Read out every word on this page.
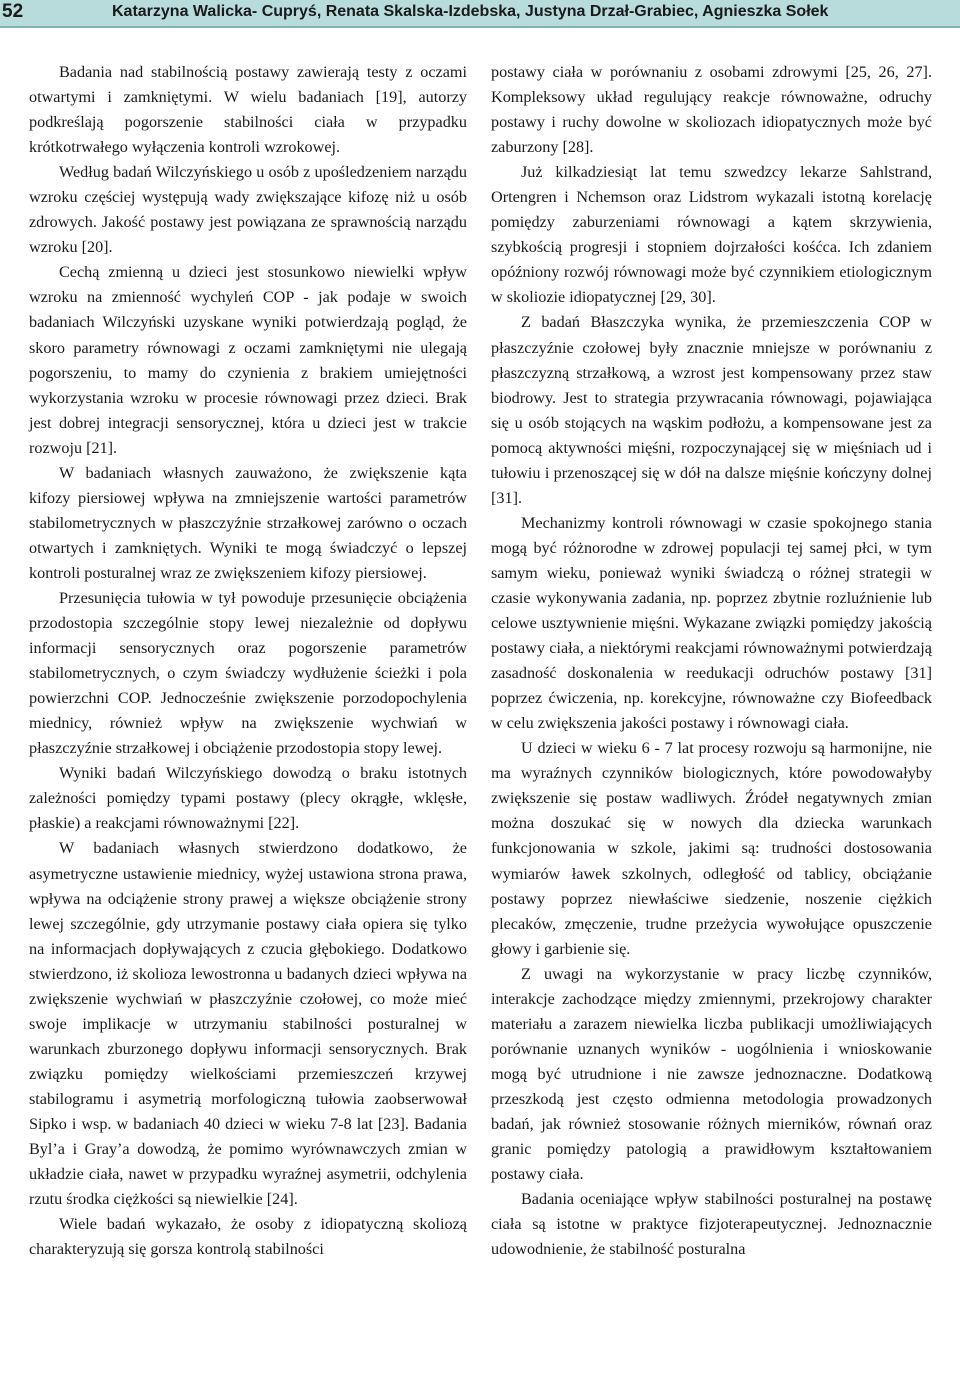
52	Katarzyna Walicka- Cupryś, Renata Skalska-Izdebska, Justyna Drzał-Grabiec, Agnieszka Sołek

Badania nad stabilnością postawy zawierają testy z oczami otwartymi i zamkniętymi. W wielu badaniach [19], autorzy podkreślają pogorszenie stabilności ciała w przypadku krótkotrwałego wyłączenia kontroli wzrokowej.

Według badań Wilczyńskiego u osób z upośledzeniem narządu wzroku częściej występują wady zwiększające kifozę niż u osób zdrowych. Jakość postawy jest powiązana ze sprawnością narządu wzroku [20].

Cechą zmienną u dzieci jest stosunkowo niewielki wpływ wzroku na zmienność wychyleń COP - jak podaje w swoich badaniach Wilczyński uzyskane wyniki potwierdzają pogląd, że skoro parametry równowagi z oczami zamkniętymi nie ulegają pogorszeniu, to mamy do czynienia z brakiem umiejętności wykorzystania wzroku w procesie równowagi przez dzieci. Brak jest dobrej integracji sensorycznej, która u dzieci jest w trakcie rozwoju [21].

W badaniach własnych zauważono, że zwiększenie kąta kifozy piersiowej wpływa na zmniejszenie wartości parametrów stabilometrycznych w płaszczyźnie strzałkowej zarówno o oczach otwartych i zamkniętych. Wyniki te mogą świadczyć o lepszej kontroli posturalnej wraz ze zwiększeniem kifozy piersiowej.

Przesunięcia tułowia w tył powoduje przesunięcie obciążenia przodostopia szczególnie stopy lewej niezależnie od dopływu informacji sensorycznych oraz pogorszenie parametrów stabilometrycznych, o czym świadczy wydłużenie ścieżki i pola powierzchni COP. Jednocześnie zwiększenie porzodopochylenia miednicy, również wpływ na zwiększenie wychwiań w płaszczyźnie strzałkowej i obciążenie przodostopia stopy lewej.

Wyniki badań Wilczyńskiego dowodzą o braku istotnych zależności pomiędzy typami postawy (plecy okrągłe, wklęsłe, płaskie) a reakcjami równoważnymi [22].

W badaniach własnych stwierdzono dodatkowo, że asymetryczne ustawienie miednicy, wyżej ustawiona strona prawa, wpływa na odciążenie strony prawej a większe obciążenie strony lewej szczególnie, gdy utrzymanie postawy ciała opiera się tylko na informacjach dopływających z czucia głębokiego. Dodatkowo stwierdzono, iż skolioza lewostronna u badanych dzieci wpływa na zwiększenie wychwiań w płaszczyźnie czołowej, co może mieć swoje implikacje w utrzymaniu stabilności posturalnej w warunkach zburzonego dopływu informacji sensorycznych. Brak związku pomiędzy wielkościami przemieszczeń krzywej stabilogramu i asymetrią morfologiczną tułowia zaobserwował Sipko i wsp. w badaniach 40 dzieci w wieku 7-8 lat [23]. Badania Byl’a i Gray’a dowodzą, że pomimo wyrównawczych zmian w układzie ciała, nawet w przypadku wyraźnej asymetrii, odchylenia rzutu środka ciężkości są niewielkie [24].

Wiele badań wykazało, że osoby z idiopatyczną skoliozą charakteryzują się gorsza kontrolą stabilności

postawy ciała w porównaniu z osobami zdrowymi [25, 26, 27]. Kompleksowy układ regulujący reakcje równoważne, odruchy postawy i ruchy dowolne w skoliozach idiopatycznych może być zaburzony [28].

Już kilkadziesiąt lat temu szwedzcy lekarze Sahlstrand, Ortengren i Nchemson oraz Lidstrom wykazali istotną korelację pomiędzy zaburzeniami równowagi a kątem skrzywienia, szybkością progresji i stopniem dojrzałości kośćca. Ich zdaniem opóźniony rozwój równowagi może być czynnikiem etiologicznym w skoliozie idiopatycznej [29, 30].

Z badań Błaszczyka wynika, że przemieszczenia COP w płaszczyźnie czołowej były znacznie mniejsze w porównaniu z płaszczyzną strzałkową, a wzrost jest kompensowany przez staw biodrowy. Jest to strategia przywracania równowagi, pojawiająca się u osób stojących na wąskim podłożu, a kompensowane jest za pomocą aktywności mięśni, rozpoczynającej się w mięśniach ud i tułowiu i przenoszącej się w dół na dalsze mięśnie kończyny dolnej [31].

Mechanizmy kontroli równowagi w czasie spokojnego stania mogą być różnorodne w zdrowej populacji tej samej płci, w tym samym wieku, ponieważ wyniki świadczą o różnej strategii w czasie wykonywania zadania, np. poprzez zbytnie rozluźnienie lub celowe usztywnienie mięśni. Wykazane związki pomiędzy jakością postawy ciała, a niektórymi reakcjami równoważnymi potwierdzają zasadność doskonalenia w reedukacji odruchów postawy [31] poprzez ćwiczenia, np. korekcyjne, równoważne czy Biofeedback w celu zwiększenia jakości postawy i równowagi ciała.

U dzieci w wieku 6 - 7 lat procesy rozwoju są harmonijne, nie ma wyraźnych czynników biologicznych, które powodowałyby zwiększenie się postaw wadliwych. Źródeł negatywnych zmian można doszukać się w nowych dla dziecka warunkach funkcjonowania w szkole, jakimi są: trudności dostosowania wymiarów ławek szkolnych, odległość od tablicy, obciążanie postawy poprzez niewłaściwe siedzenie, noszenie ciężkich plecaków, zmęczenie, trudne przeżycia wywołujące opuszczenie głowy i garbienie się.

Z uwagi na wykorzystanie w pracy liczbę czynników, interakcje zachodzące między zmiennymi, przekrojowy charakter materiału a zarazem niewielka liczba publikacji umożliwiających porównanie uznanych wyników - uogólnienia i wnioskowanie mogą być utrudnione i nie zawsze jednoznaczne. Dodatkową przeszkodą jest często odmienna metodologia prowadzonych badań, jak również stosowanie różnych mierników, równań oraz granic pomiędzy patologią a prawidłowym kształtowaniem postawy ciała.

Badania oceniające wpływ stabilności posturalnej na postawę ciała są istotne w praktyce fizjoterapeutycznej. Jednoznacznie udowodnienie, że stabilność posturalna
